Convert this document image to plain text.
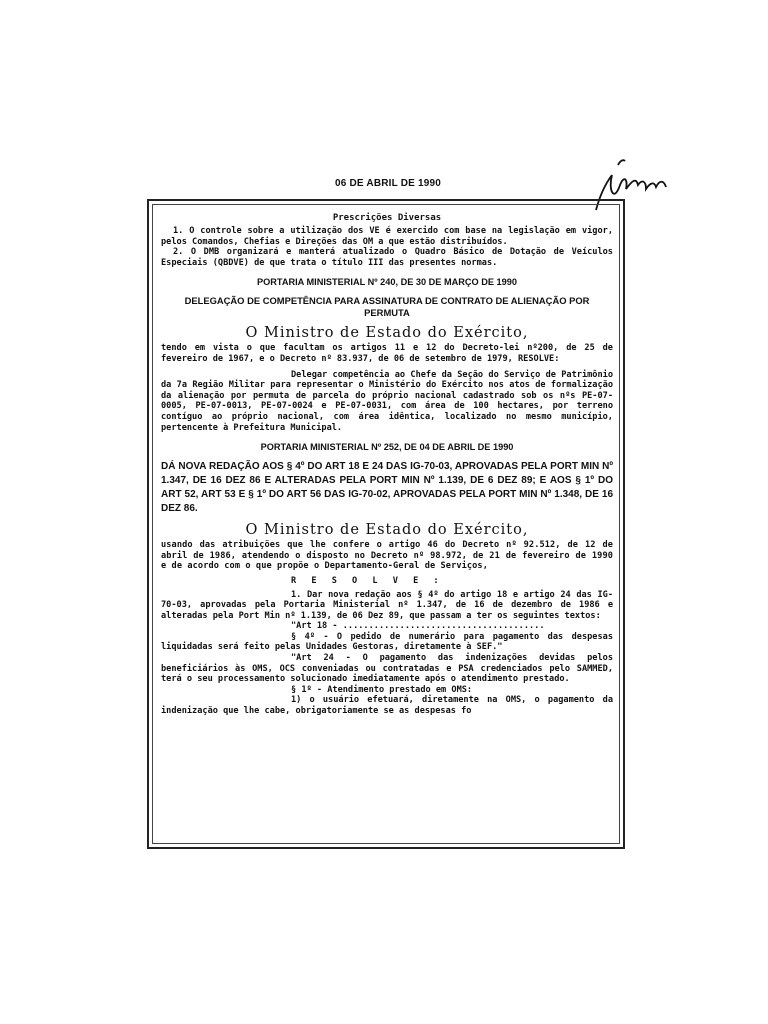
06 DE ABRIL DE 1990
Prescrições Diversas

1. O controle sobre a utilização dos VE é exercido com base na legislação em vigor, pelos Comandos, Chefias e Direções das OM a que estão distribuídos.

2. O DMB organizará e manterá atualizado o Quadro Básico de Dotação de Veículos Especiais (QBDVE) de que trata o título III das presentes normas.

PORTARIA MINISTERIAL Nº 240, DE 30 DE MARÇO DE 1990
DELEGAÇÃO DE COMPETÊNCIA PARA ASSINATURA DE CONTRATO DE ALIENAÇÃO POR PERMUTA
O Ministro de Estado do Exército,

tendo em vista o que facultam os artigos 11 e 12 do Decreto-lei nº200, de 25 de fevereiro de 1967, e o Decreto nº 83.937, de 06 de setembro de 1979, RESOLVE:

Delegar competência ao Chefe da Seção do Serviço de Patrimônio da 7a Região Militar para representar o Ministério do Exército nos atos de formalização da alienação por permuta de parcela do próprio nacional cadastrado sob os nºs PE-07-0005, PE-07-0013, PE-07-0024 e PE-07-0031, com área de 100 hectares, por terreno contíguo ao próprio nacional, com área idêntica, localizado no mesmo município, pertencente à Prefeitura Municipal.

PORTARIA MINISTERIAL Nº 252, DE 04 DE ABRIL DE 1990
DÁ NOVA REDAÇÃO AOS § 4º DO ART 18 E 24 DAS IG-70-03, APROVADAS PELA PORT MIN Nº 1.347, DE 16 DEZ 86 E ALTERADAS PELA PORT MIN Nº 1.139, DE 6 DEZ 89; E AOS § 1º DO ART 52, ART 53 E § 1º DO ART 56 DAS IG-70-02, APROVADAS PELA PORT MIN Nº 1.348, DE 16 DEZ 86.
O Ministro de Estado do Exército,

usando das atribuições que lhe confere o artigo 46 do Decreto nº 92.512, de 12 de abril de 1986, atendendo o disposto no Decreto nº 98.972, de 21 de fevereiro de 1990 e de acordo com o que propõe o Departamento-Geral de Serviços,

R E S O L V E :

1. Dar nova redação aos § 4º do artigo 18 e artigo 24 das IG-70-03, aprovadas pela Portaria Ministerial nº 1.347, de 16 de dezembro de 1986 e alteradas pela Port Min nº 1.139, de 06 Dez 89, que passam a ter os seguintes textos:

"Art 18 - .......................................

§ 4º - O pedido de numerário para pagamento das despesas liquidadas será feito pelas Unidades Gestoras, diretamente à SEF."

"Art 24 - O pagamento das indenizações devidas pelos beneficiários às OMS, OCS conveniadas ou contratadas e PSA credenciados pelo SAMMED, terá o seu processamento solucionado imediatamente após o atendimento prestado.

§ 1º - Atendimento prestado em OMS:

1) o usuário efetuará, diretamente na OMS, o pagamento da indenização que lhe cabe, obrigatoriamente se as despesas fo
